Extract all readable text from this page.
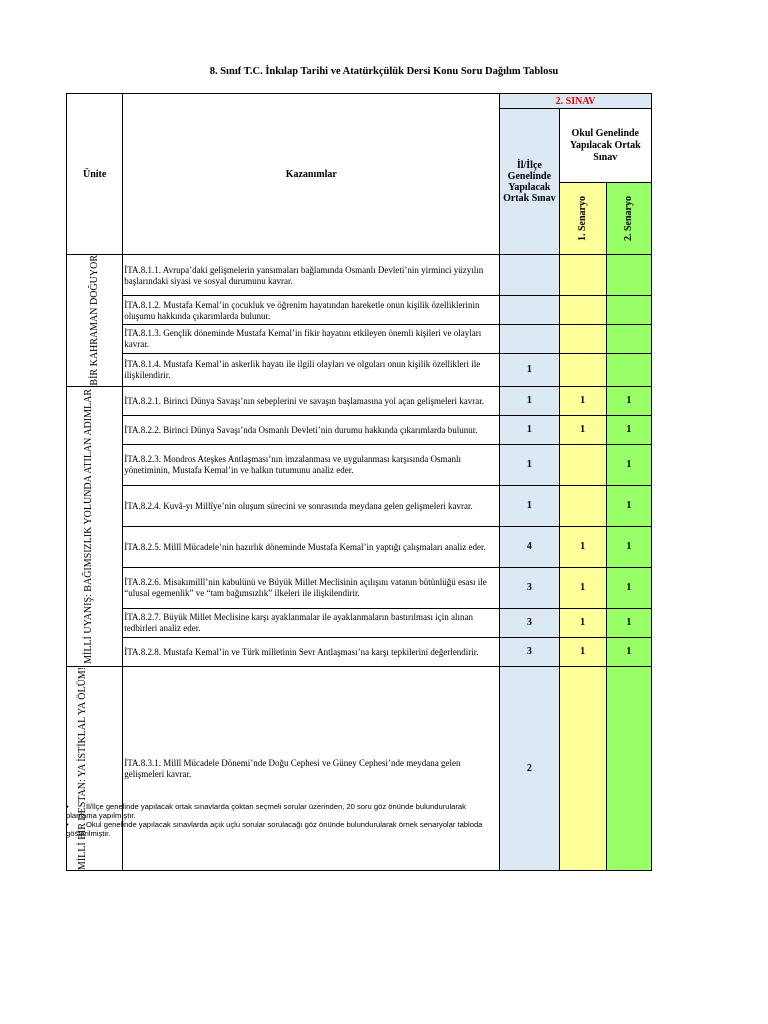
8. Sınıf T.C. İnkılap Tarihi ve Atatürkçülük Dersi Konu Soru Dağılım Tablosu
Ünite	Kazanımlar	2. SINAV		
		İl/İlçe Genelinde Yapılacak Ortak Sınav	Okul Genelinde Yapılacak Ortak Sınav	

			1. Senaryo	2. Senaryo

BİR KAHRAMAN DOĞUYOR	İTA.8.1.1. Avrupa’daki gelişmelerin yansımaları bağlamında Osmanlı Devleti’nin yirminci yüzyılın başlarındaki siyasi ve sosyal durumunu kavrar.			
	İTA.8.1.2. Mustafa Kemal’in çocukluk ve öğrenim hayatından hareketle onun kişilik özelliklerinin oluşumu hakkında çıkarımlarda bulunur.			
	İTA.8.1.3. Gençlik döneminde Mustafa Kemal’in fikir hayatını etkileyen önemli kişileri ve olayları kavrar.			
	İTA.8.1.4. Mustafa Kemal’in askerlik hayatı ile ilgili olayları ve olguları onun kişilik özellikleri ile ilişkilendirir.	1		

MİLLİ UYANIŞ: BAĞIMSIZLIK YOLUNDA ATILAN ADIMLAR	İTA.8.2.1. Birinci Dünya Savaşı’nın sebeplerini ve savaşın başlamasına yol açan gelişmeleri kavrar.	1	1	1
	İTA.8.2.2. Birinci Dünya Savaşı’nda Osmanlı Devleti’nin durumu hakkında çıkarımlarda bulunur.	1	1	1
	İTA.8.2.3. Mondros Ateşkes Antlaşması’nın imzalanması ve uygulanması karşısında Osmanlı yönetiminin, Mustafa Kemal’in ve halkın tutumunu analiz eder.	1		1
	İTA.8.2.4. Kuvâ-yı Millîye’nin oluşum sürecini ve sonrasında meydana gelen gelişmeleri kavrar.	1		1
	İTA.8.2.5. Millî Mücadele’nin hazırlık döneminde Mustafa Kemal’in yaptığı çalışmaları analiz eder.	4	1	1
	İTA.8.2.6. Misakımillî’nin kabulünü ve Büyük Millet Meclisinin açılışını vatanın bütünlüğü esası ile “ulusal egemenlik” ve “tam bağımsızlık” ilkeleri ile ilişkilendirir.	3	1	1
	İTA.8.2.7. Büyük Millet Meclisine karşı ayaklanmalar ile ayaklanmaların bastırılması için alınan tedbirleri analiz eder.	3	1	1
	İTA.8.2.8. Mustafa Kemal’in ve Türk milletinin Sevr Antlaşması’na karşı tepkilerini değerlendirir.	3	1	1

MİLLİ BİR DESTAN: YA İSTİKLAL YA ÖLÜM!	İTA.8.3.1. Millî Mücadele Dönemi’nde Doğu Cephesi ve Güney Cephesi’nde meydana gelen gelişmeleri kavrar.	2		
• İl/İlçe genelinde yapılacak ortak sınavlarda çoktan seçmeli sorular üzerinden, 20 soru göz önünde bulundurularak planlama yapılmıştır.
• Okul genelinde yapılacak sınavlarda açık uçlu sorular sorulacağı göz önünde bulundurularak örnek senaryolar tabloda gösterilmiştir.
